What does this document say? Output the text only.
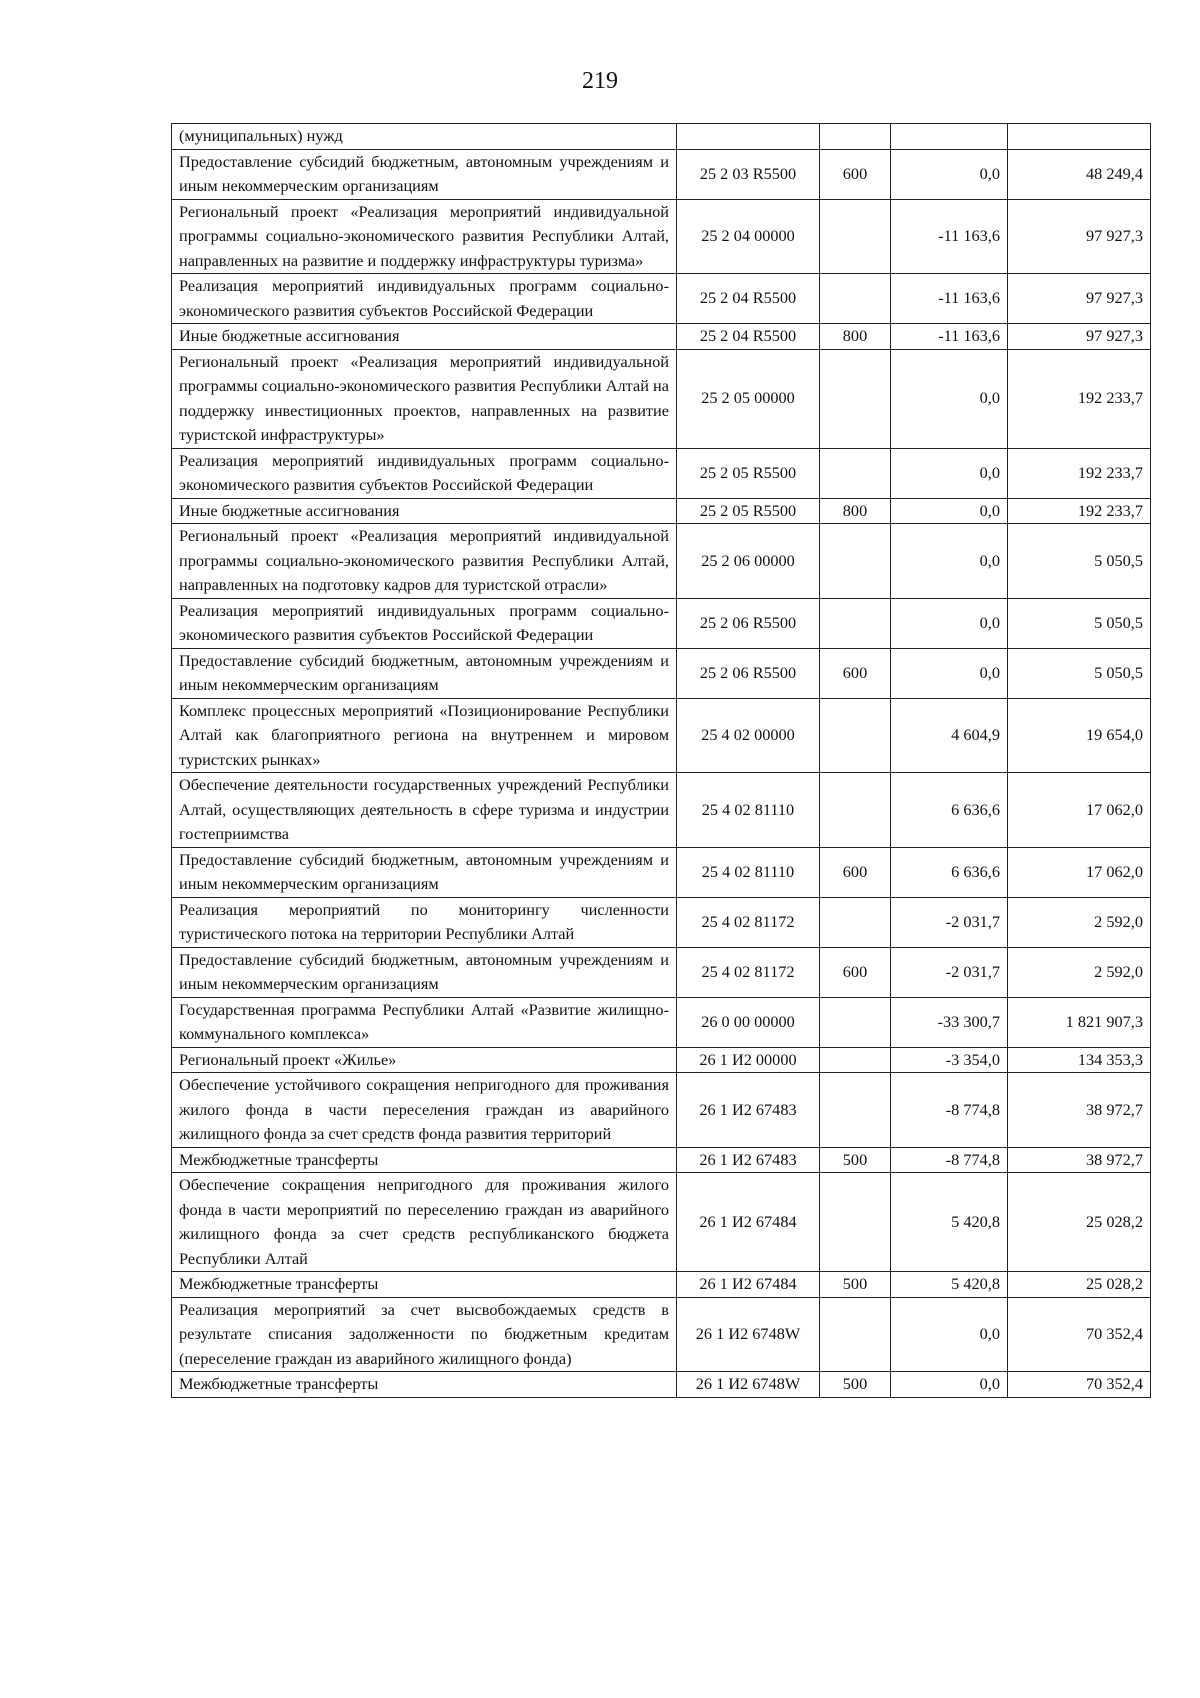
219
(муниципальных) нужд				
Предоставление субсидий бюджетным, автономным учреждениям и иным некоммерческим организациям	25 2 03 R5500	600	0,0	48 249,4
Региональный проект «Реализация мероприятий индивидуальной программы социально-экономического развития Республики Алтай, направленных на развитие и поддержку инфраструктуры туризма»	25 2 04 00000		-11 163,6	97 927,3
Реализация мероприятий индивидуальных программ социально-экономического развития субъектов Российской Федерации	25 2 04 R5500		-11 163,6	97 927,3
Иные бюджетные ассигнования	25 2 04 R5500	800	-11 163,6	97 927,3
Региональный проект «Реализация мероприятий индивидуальной программы социально-экономического развития Республики Алтай на поддержку инвестиционных проектов, направленных на развитие туристской инфраструктуры»	25 2 05 00000		0,0	192 233,7
Реализация мероприятий индивидуальных программ социально-экономического развития субъектов Российской Федерации	25 2 05 R5500		0,0	192 233,7
Иные бюджетные ассигнования	25 2 05 R5500	800	0,0	192 233,7
Региональный проект «Реализация мероприятий индивидуальной программы социально-экономического развития Республики Алтай, направленных на подготовку кадров для туристской отрасли»	25 2 06 00000		0,0	5 050,5
Реализация мероприятий индивидуальных программ социально-экономического развития субъектов Российской Федерации	25 2 06 R5500		0,0	5 050,5
Предоставление субсидий бюджетным, автономным учреждениям и иным некоммерческим организациям	25 2 06 R5500	600	0,0	5 050,5
Комплекс процессных мероприятий «Позиционирование Республики Алтай как благоприятного региона на внутреннем и мировом туристских рынках»	25 4 02 00000		4 604,9	19 654,0
Обеспечение деятельности государственных учреждений Республики Алтай, осуществляющих деятельность в сфере туризма и индустрии гостеприимства	25 4 02 81110		6 636,6	17 062,0
Предоставление субсидий бюджетным, автономным учреждениям и иным некоммерческим организациям	25 4 02 81110	600	6 636,6	17 062,0
Реализация мероприятий по мониторингу численности туристического потока на территории Республики Алтай	25 4 02 81172		-2 031,7	2 592,0
Предоставление субсидий бюджетным, автономным учреждениям и иным некоммерческим организациям	25 4 02 81172	600	-2 031,7	2 592,0
Государственная программа Республики Алтай «Развитие жилищно-коммунального комплекса»	26 0 00 00000		-33 300,7	1 821 907,3
Региональный проект «Жилье»	26 1 И2 00000		-3 354,0	134 353,3
Обеспечение устойчивого сокращения непригодного для проживания жилого фонда в части переселения граждан из аварийного жилищного фонда за счет средств фонда развития территорий	26 1 И2 67483		-8 774,8	38 972,7
Межбюджетные трансферты	26 1 И2 67483	500	-8 774,8	38 972,7
Обеспечение сокращения непригодного для проживания жилого фонда в части мероприятий по переселению граждан из аварийного жилищного фонда за счет средств республиканского бюджета Республики Алтай	26 1 И2 67484		5 420,8	25 028,2
Межбюджетные трансферты	26 1 И2 67484	500	5 420,8	25 028,2
Реализация мероприятий за счет высвобождаемых средств в результате списания задолженности по бюджетным кредитам (переселение граждан из аварийного жилищного фонда)	26 1 И2 6748W		0,0	70 352,4
Межбюджетные трансферты	26 1 И2 6748W	500	0,0	70 352,4
